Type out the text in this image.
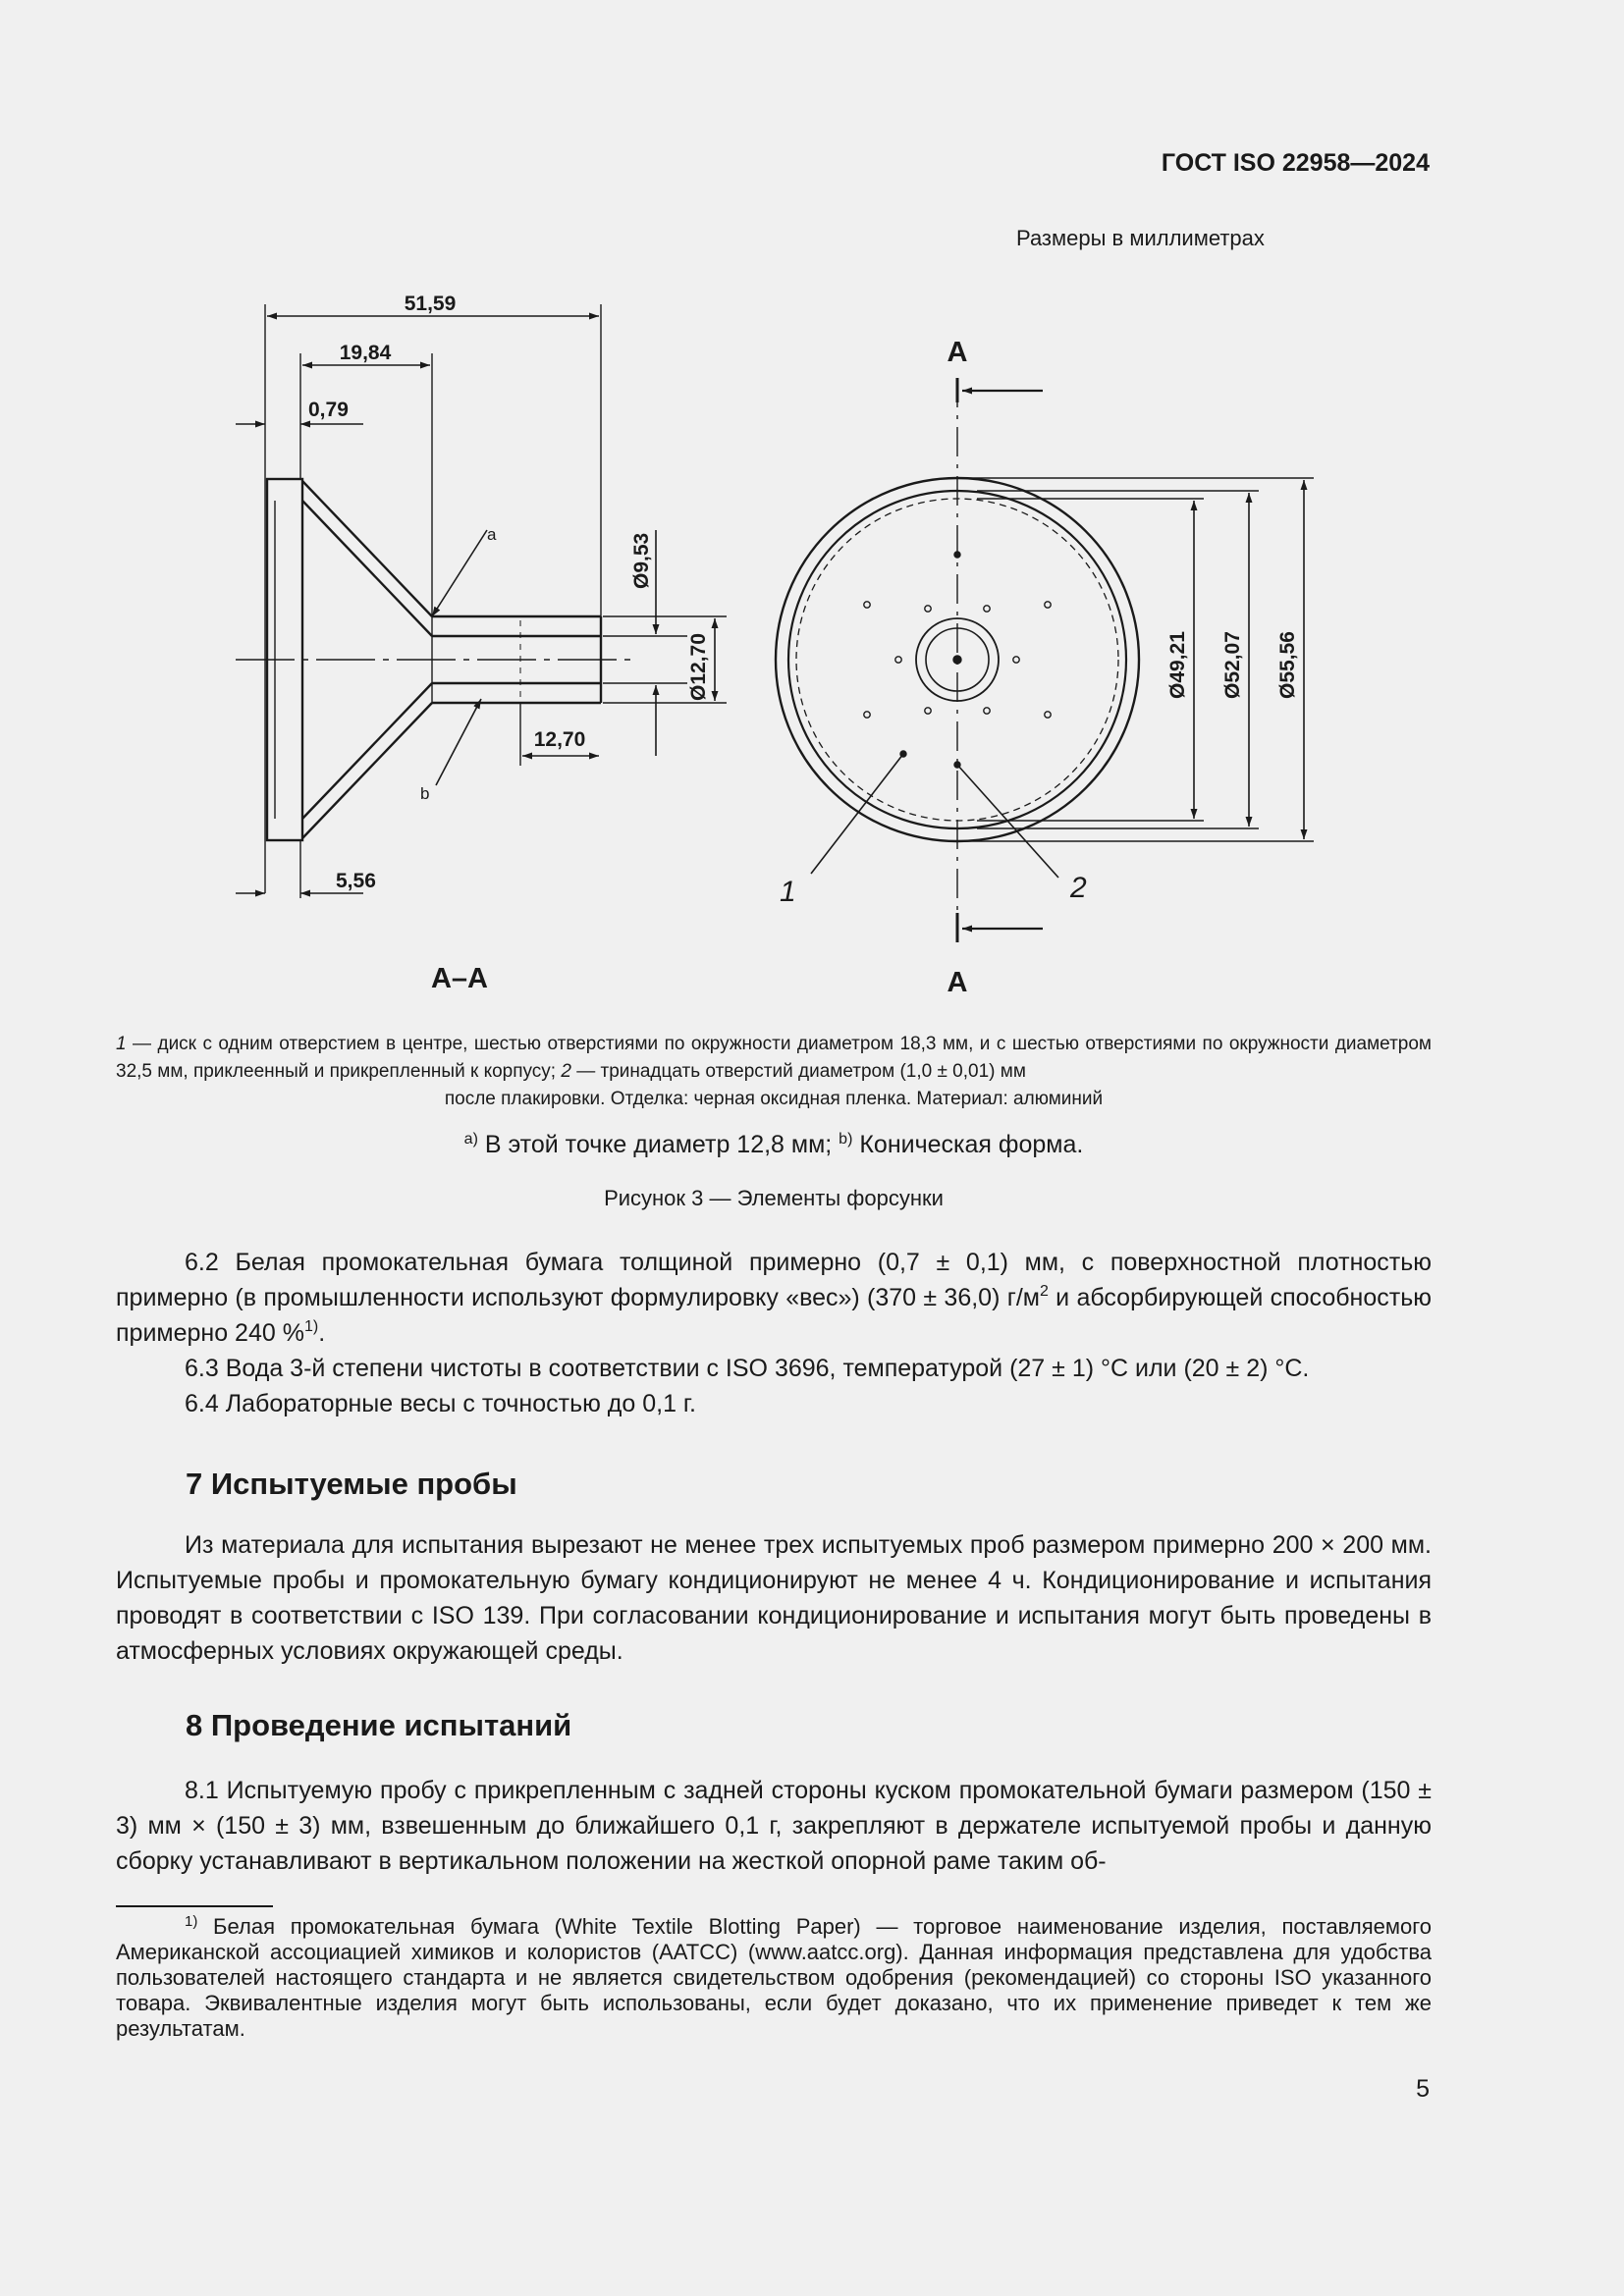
ГОСТ ISO 22958—2024
Размеры в миллиметрах
51,59
19,84
0,79
12,70
5,56
Ø9,53
Ø12,70
a
b
А–А
А
А
Ø49,21 Ø52,07 Ø55,56
1	2
1 — диск с одним отверстием в центре, шестью отверстиями по окружности диаметром 18,3 мм, и с шестью отверстиями по окружности диаметром 32,5 мм, приклеенный и прикрепленный к корпусу; 2 — тринадцать отверстий диаметром (1,0 ± 0,01) мм
после плакировки. Отделка: черная оксидная пленка. Материал: алюминий
$^{a)}$ В этой точке диаметр 12,8 мм; $^{b)}$ Коническая форма.
Рисунок 3 — Элементы форсунки

6.2 Белая промокательная бумага толщиной примерно (0,7 ± 0,1) мм, с поверхностной плотностью примерно (в промышленности используют формулировку «вес») (370 ± 36,0) $г/м^2$ и абсорбирующей способностью примерно 240 %$^{1)}$.

6.3 Вода 3-й степени чистоты в соответствии с ISO 3696, температурой (27 ± 1) °С или (20 ± 2) °С.

6.4 Лабораторные весы с точностью до 0,1 г.

7 Испытуемые пробы

Из материала для испытания вырезают не менее трех испытуемых проб размером примерно 200 × 200 мм. Испытуемые пробы и промокательную бумагу кондиционируют не менее 4 ч. Кондиционирование и испытания проводят в соответствии с ISO 139. При согласовании кондиционирование и испытания могут быть проведены в атмосферных условиях окружающей среды.

8 Проведение испытаний

8.1 Испытуемую пробу с прикрепленным с задней стороны куском промокательной бумаги размером (150 ± 3) мм × (150 ± 3) мм, взвешенным до ближайшего 0,1 г, закрепляют в держателе испытуемой пробы и данную сборку устанавливают в вертикальном положении на жесткой опорной раме таким об-

$^{1)}$ Белая промокательная бумага (White Textile Blotting Paper) — торговое наименование изделия, поставляемого Американской ассоциацией химиков и колористов (AATCC) (www.aatcc.org). Данная информация представлена для удобства пользователей настоящего стандарта и не является свидетельством одобрения (рекомендацией) со стороны ISO указанного товара. Эквивалентные изделия могут быть использованы, если будет доказано, что их применение приведет к тем же результатам.

5
